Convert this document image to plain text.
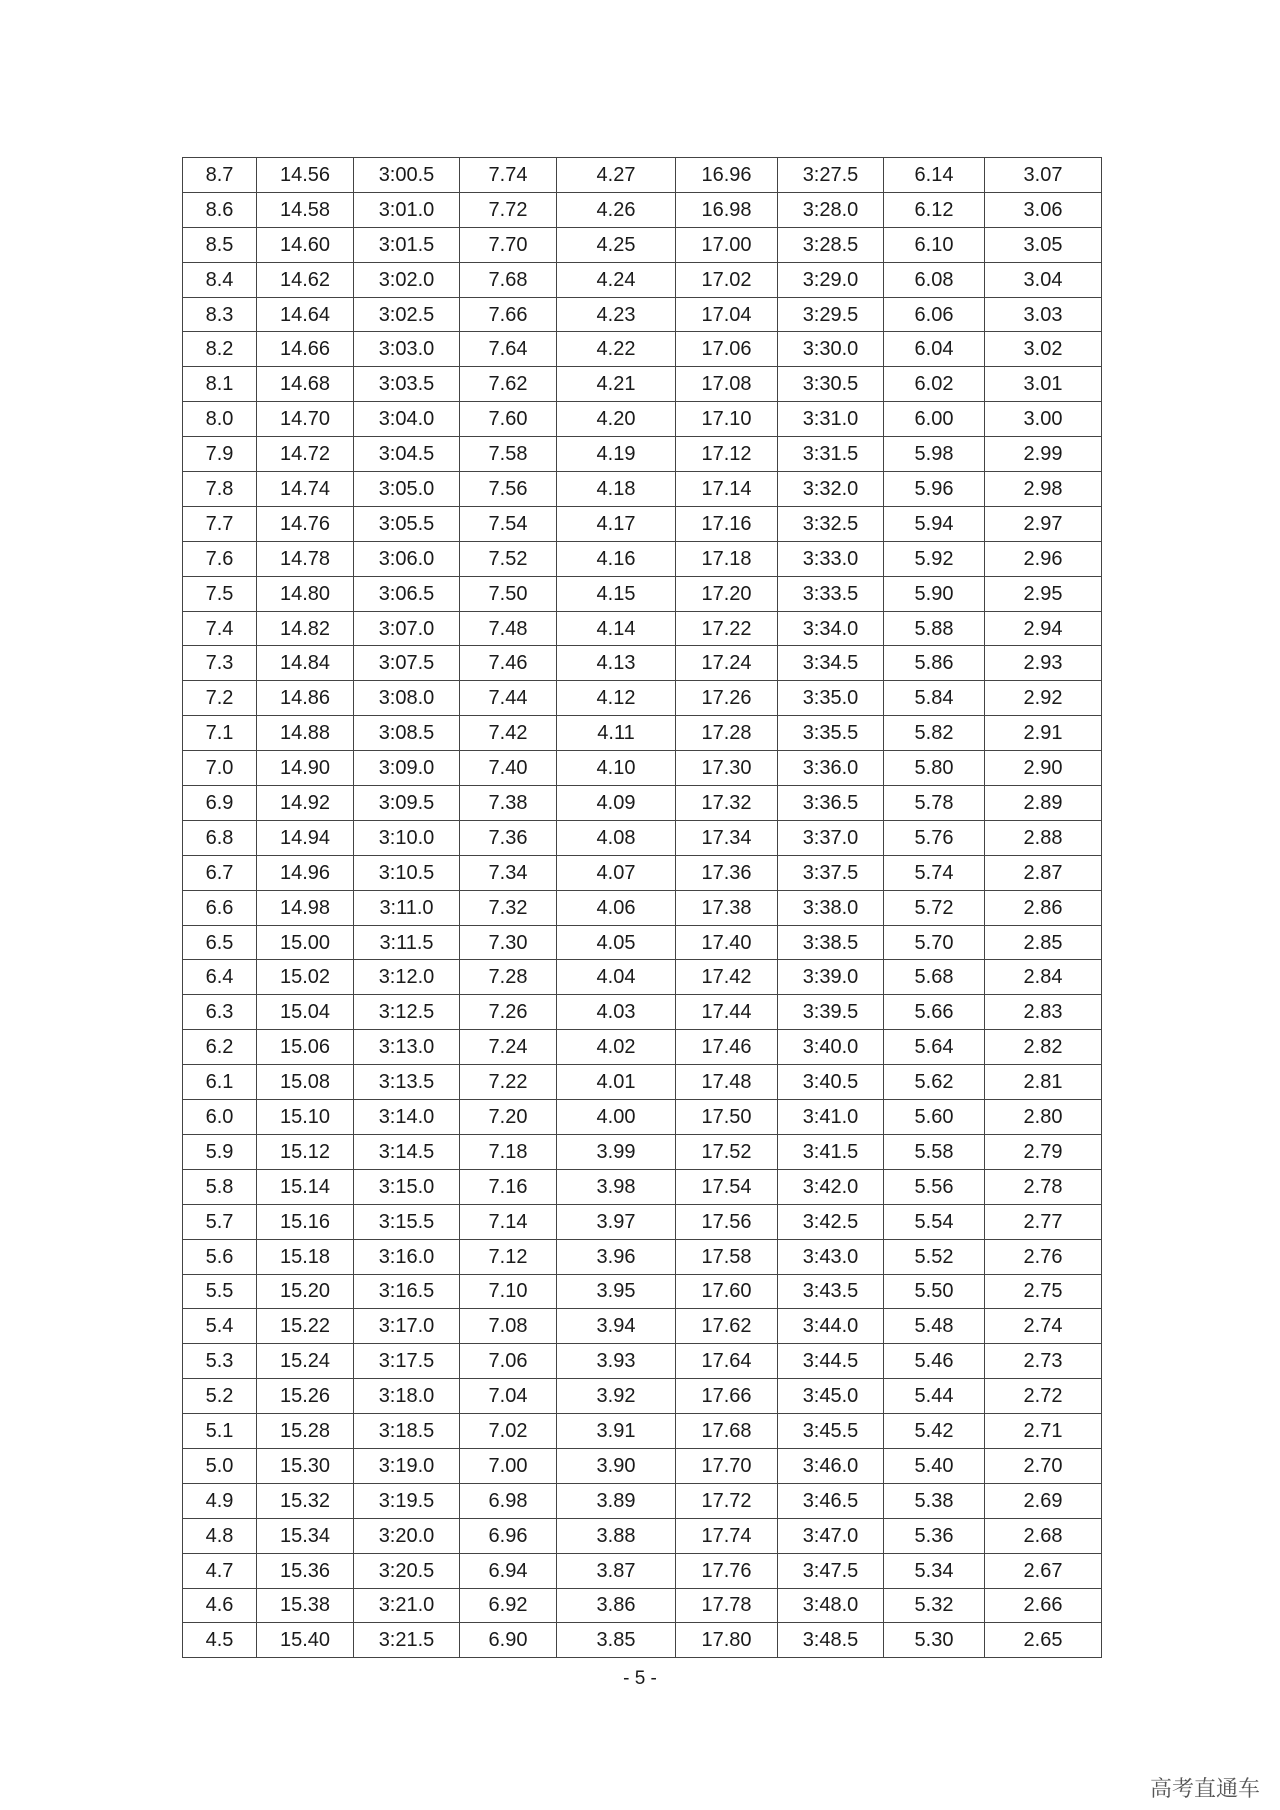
8.7	14.56	3:00.5	7.74	4.27	16.96	3:27.5	6.14	3.07
8.6	14.58	3:01.0	7.72	4.26	16.98	3:28.0	6.12	3.06
8.5	14.60	3:01.5	7.70	4.25	17.00	3:28.5	6.10	3.05
8.4	14.62	3:02.0	7.68	4.24	17.02	3:29.0	6.08	3.04
8.3	14.64	3:02.5	7.66	4.23	17.04	3:29.5	6.06	3.03
8.2	14.66	3:03.0	7.64	4.22	17.06	3:30.0	6.04	3.02
8.1	14.68	3:03.5	7.62	4.21	17.08	3:30.5	6.02	3.01
8.0	14.70	3:04.0	7.60	4.20	17.10	3:31.0	6.00	3.00
7.9	14.72	3:04.5	7.58	4.19	17.12	3:31.5	5.98	2.99
7.8	14.74	3:05.0	7.56	4.18	17.14	3:32.0	5.96	2.98
7.7	14.76	3:05.5	7.54	4.17	17.16	3:32.5	5.94	2.97
7.6	14.78	3:06.0	7.52	4.16	17.18	3:33.0	5.92	2.96
7.5	14.80	3:06.5	7.50	4.15	17.20	3:33.5	5.90	2.95
7.4	14.82	3:07.0	7.48	4.14	17.22	3:34.0	5.88	2.94
7.3	14.84	3:07.5	7.46	4.13	17.24	3:34.5	5.86	2.93
7.2	14.86	3:08.0	7.44	4.12	17.26	3:35.0	5.84	2.92
7.1	14.88	3:08.5	7.42	4.11	17.28	3:35.5	5.82	2.91
7.0	14.90	3:09.0	7.40	4.10	17.30	3:36.0	5.80	2.90
6.9	14.92	3:09.5	7.38	4.09	17.32	3:36.5	5.78	2.89
6.8	14.94	3:10.0	7.36	4.08	17.34	3:37.0	5.76	2.88
6.7	14.96	3:10.5	7.34	4.07	17.36	3:37.5	5.74	2.87
6.6	14.98	3:11.0	7.32	4.06	17.38	3:38.0	5.72	2.86
6.5	15.00	3:11.5	7.30	4.05	17.40	3:38.5	5.70	2.85
6.4	15.02	3:12.0	7.28	4.04	17.42	3:39.0	5.68	2.84
6.3	15.04	3:12.5	7.26	4.03	17.44	3:39.5	5.66	2.83
6.2	15.06	3:13.0	7.24	4.02	17.46	3:40.0	5.64	2.82
6.1	15.08	3:13.5	7.22	4.01	17.48	3:40.5	5.62	2.81
6.0	15.10	3:14.0	7.20	4.00	17.50	3:41.0	5.60	2.80
5.9	15.12	3:14.5	7.18	3.99	17.52	3:41.5	5.58	2.79
5.8	15.14	3:15.0	7.16	3.98	17.54	3:42.0	5.56	2.78
5.7	15.16	3:15.5	7.14	3.97	17.56	3:42.5	5.54	2.77
5.6	15.18	3:16.0	7.12	3.96	17.58	3:43.0	5.52	2.76
5.5	15.20	3:16.5	7.10	3.95	17.60	3:43.5	5.50	2.75
5.4	15.22	3:17.0	7.08	3.94	17.62	3:44.0	5.48	2.74
5.3	15.24	3:17.5	7.06	3.93	17.64	3:44.5	5.46	2.73
5.2	15.26	3:18.0	7.04	3.92	17.66	3:45.0	5.44	2.72
5.1	15.28	3:18.5	7.02	3.91	17.68	3:45.5	5.42	2.71
5.0	15.30	3:19.0	7.00	3.90	17.70	3:46.0	5.40	2.70
4.9	15.32	3:19.5	6.98	3.89	17.72	3:46.5	5.38	2.69
4.8	15.34	3:20.0	6.96	3.88	17.74	3:47.0	5.36	2.68
4.7	15.36	3:20.5	6.94	3.87	17.76	3:47.5	5.34	2.67
4.6	15.38	3:21.0	6.92	3.86	17.78	3:48.0	5.32	2.66
4.5	15.40	3:21.5	6.90	3.85	17.80	3:48.5	5.30	2.65
- 5 -
高考直通车
